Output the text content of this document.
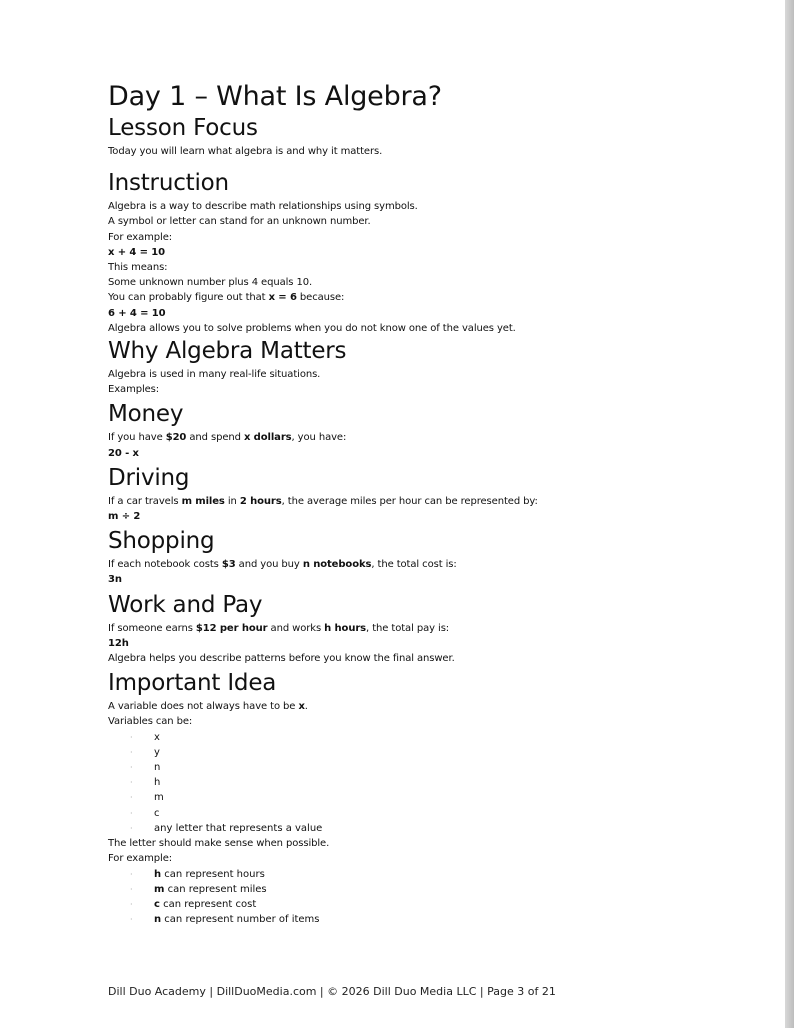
Day 1 – What Is Algebra?
Lesson Focus

Today you will learn what algebra is and why it matters.

Instruction

Algebra is a way to describe math relationships using symbols.

A symbol or letter can stand for an unknown number.

For example:

x + 4 = 10

This means:

Some unknown number plus 4 equals 10.

You can probably figure out that x = 6 because:

6 + 4 = 10

Algebra allows you to solve problems when you do not know one of the values yet.

Why Algebra Matters

Algebra is used in many real-life situations.

Examples:

Money

If you have $20 and spend x dollars, you have:

20 - x

Driving

If a car travels m miles in 2 hours, the average miles per hour can be represented by:

m ÷ 2

Shopping

If each notebook costs $3 and you buy n notebooks, the total cost is:

3n

Work and Pay

If someone earns $12 per hour and works h hours, the total pay is:

12h

Algebra helps you describe patterns before you know the final answer.

Important Idea

A variable does not always have to be x.

Variables can be:

· x
· y
· n
· h
· m
· c
· any letter that represents a value

The letter should make sense when possible.

For example:

· h can represent hours
· m can represent miles
· c can represent cost
· n can represent number of items
Dill Duo Academy | DillDuoMedia.com | © 2026 Dill Duo Media LLC | Page 3 of 21
